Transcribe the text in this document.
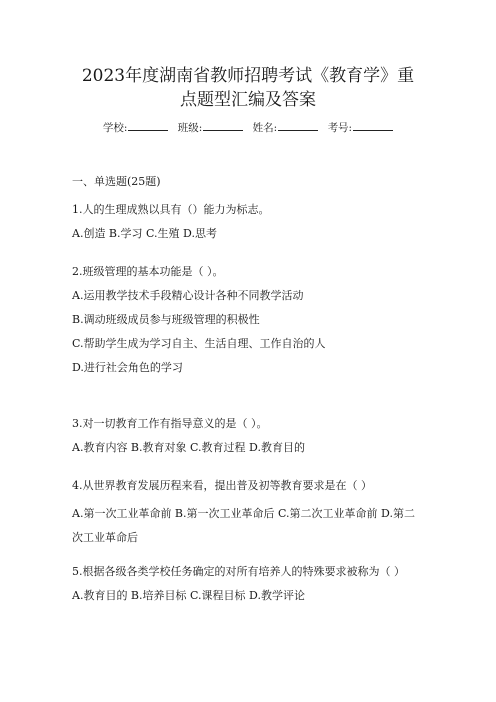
2023年度湖南省教师招聘考试《教育学》重
点题型汇编及答案
学校:	班级:	姓名:	考号:
一、单选题(25题)
1.人的生理成熟以具有（）能力为标志。
A.创造 B.学习 C.生殖 D.思考
2.班级管理的基本功能是（ ）。
A.运用教学技术手段精心设计各种不同教学活动
B.调动班级成员参与班级管理的积极性
C.帮助学生成为学习自主、生活自理、工作自治的人
D.进行社会角色的学习
3.对一切教育工作有指导意义的是（ ）。
A.教育内容 B.教育对象 C.教育过程 D.教育目的
4.从世界教育发展历程来看，提出普及初等教育要求是在（ ）
A.第一次工业革命前 B.第一次工业革命后 C.第二次工业革命前 D.第二次工业革命后
5.根据各级各类学校任务确定的对所有培养人的特殊要求被称为（ ）
A.教育目的 B.培养目标 C.课程目标 D.教学评论
